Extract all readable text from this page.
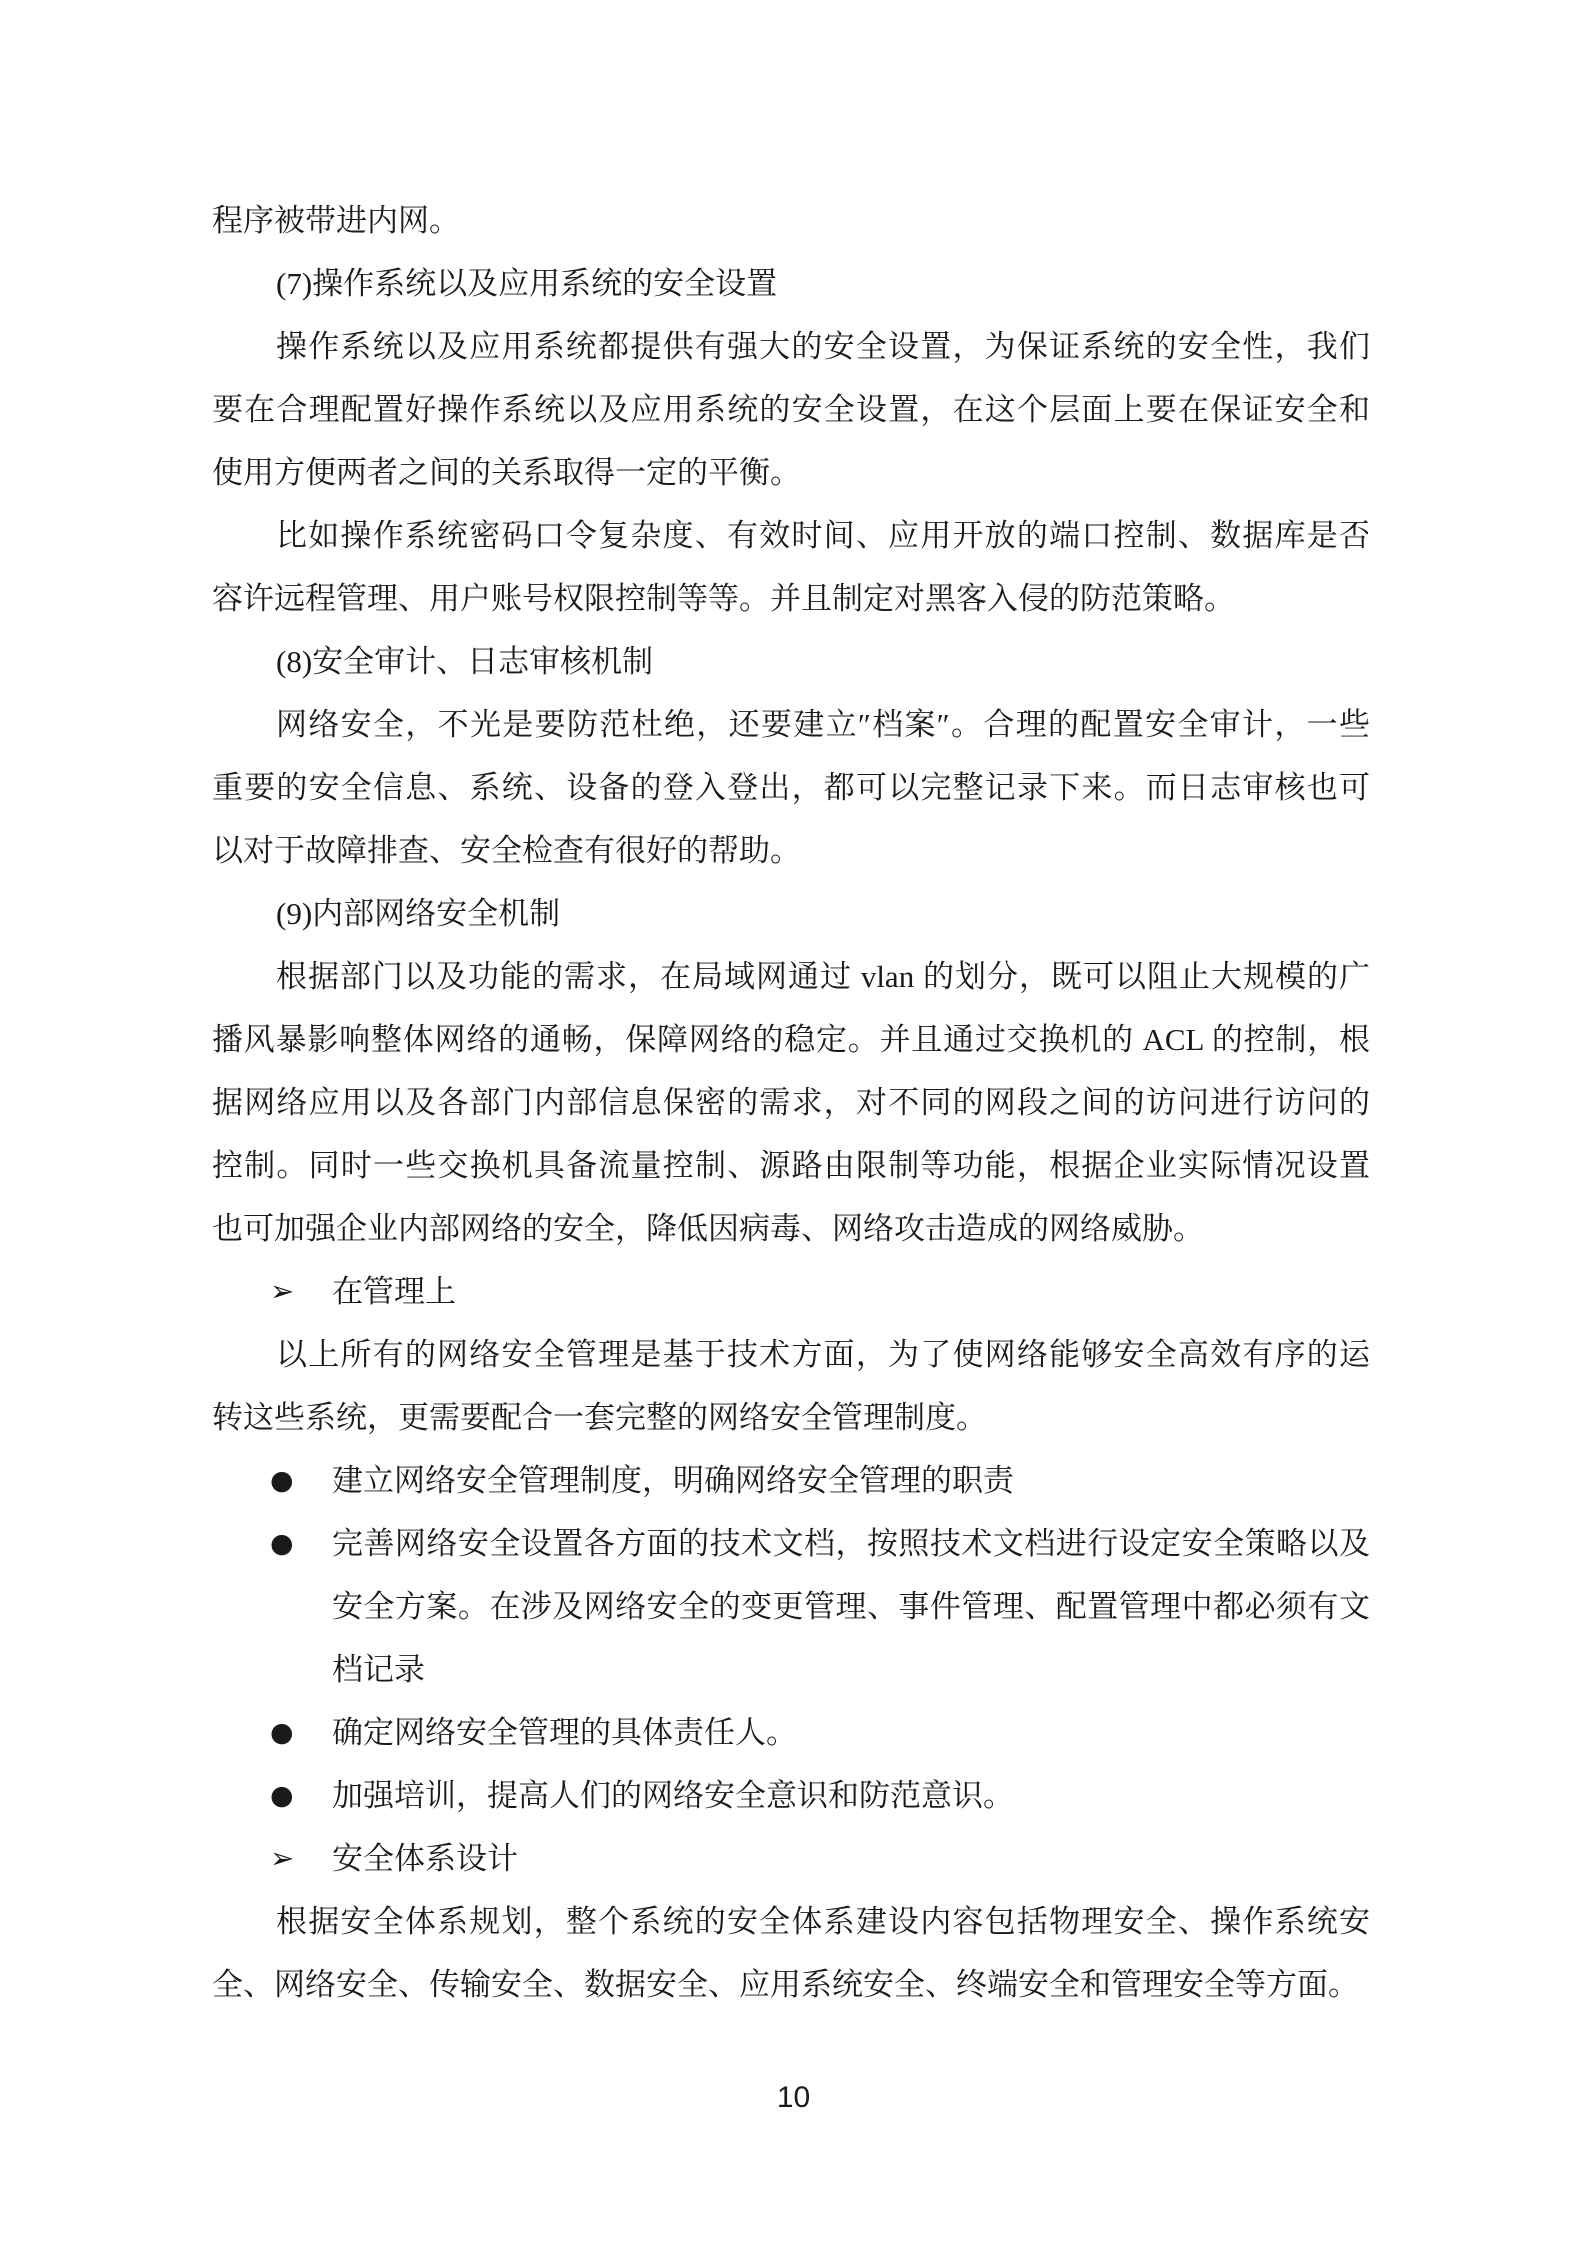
程序被带进内网。
(7)操作系统以及应用系统的安全设置
操作系统以及应用系统都提供有强大的安全设置，为保证系统的安全性，我们
要在合理配置好操作系统以及应用系统的安全设置，在这个层面上要在保证安全和
使用方便两者之间的关系取得一定的平衡。
比如操作系统密码口令复杂度、有效时间、应用开放的端口控制、数据库是否
容许远程管理、用户账号权限控制等等。并且制定对黑客入侵的防范策略。
(8)安全审计、日志审核机制
网络安全，不光是要防范杜绝，还要建立″档案″。合理的配置安全审计，一些
重要的安全信息、系统、设备的登入登出，都可以完整记录下来。而日志审核也可
以对于故障排查、安全检查有很好的帮助。
(9)内部网络安全机制
根据部门以及功能的需求，在局域网通过 vlan 的划分，既可以阻止大规模的广
播风暴影响整体网络的通畅，保障网络的稳定。并且通过交换机的 ACL 的控制，根
据网络应用以及各部门内部信息保密的需求，对不同的网段之间的访问进行访问的
控制。同时一些交换机具备流量控制、源路由限制等功能，根据企业实际情况设置
也可加强企业内部网络的安全，降低因病毒、网络攻击造成的网络威胁。
在管理上
➢
以上所有的网络安全管理是基于技术方面，为了使网络能够安全高效有序的运
转这些系统，更需要配合一套完整的网络安全管理制度。
建立网络安全管理制度，明确网络安全管理的职责
●
完善网络安全设置各方面的技术文档，按照技术文档进行设定安全策略以及
●
安全方案。在涉及网络安全的变更管理、事件管理、配置管理中都必须有文
档记录
确定网络安全管理的具体责任人。
●
加强培训，提高人们的网络安全意识和防范意识。
●
安全体系设计
➢
根据安全体系规划，整个系统的安全体系建设内容包括物理安全、操作系统安
全、网络安全、传输安全、数据安全、应用系统安全、终端安全和管理安全等方面。
10
